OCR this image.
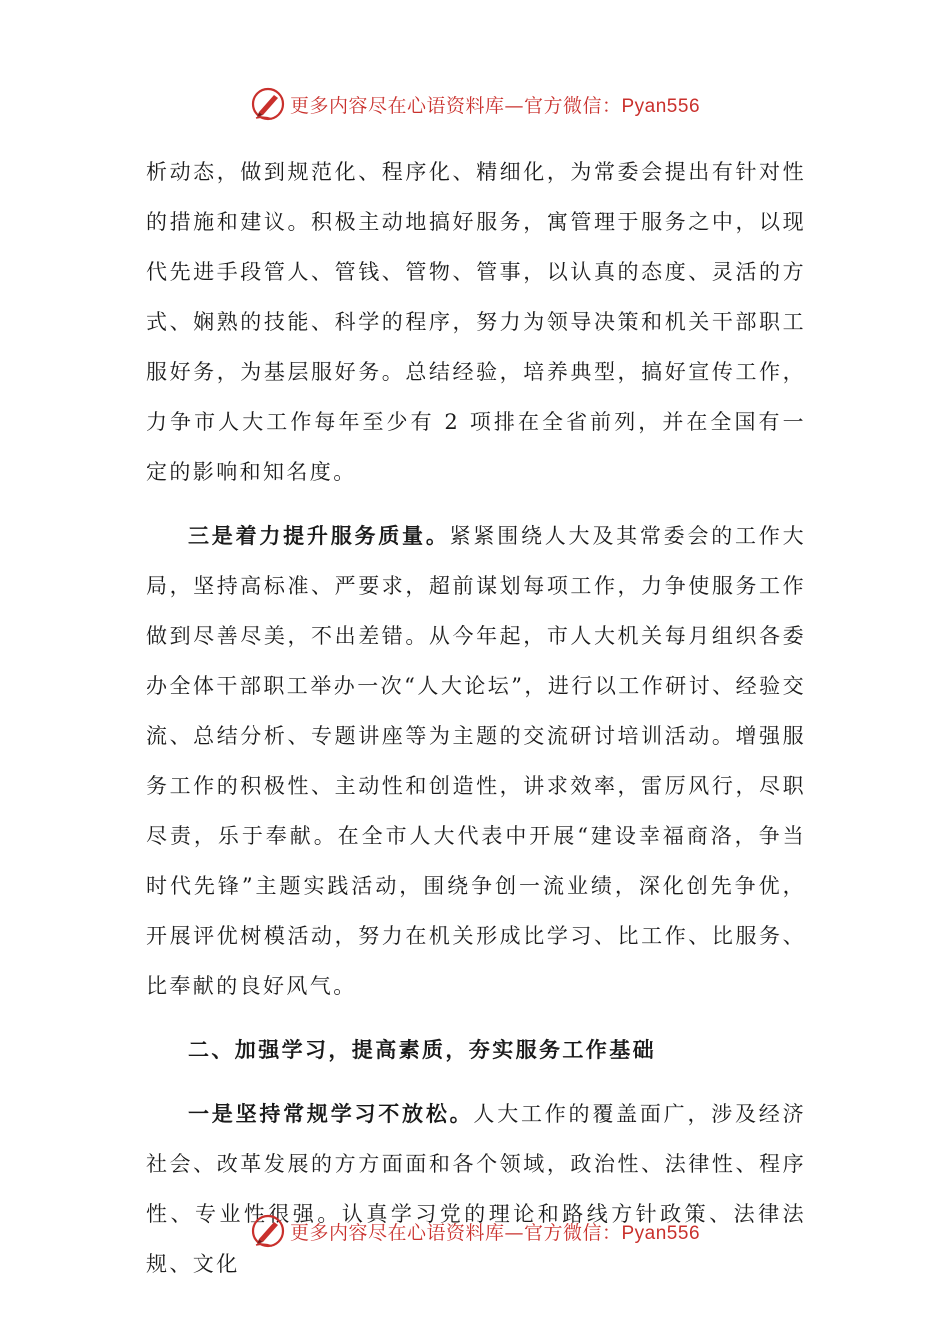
更多内容尽在心语资料库—官方微信：Pyan556

析动态，做到规范化、程序化、精细化，为常委会提出有针对性的措施和建议。积极主动地搞好服务，寓管理于服务之中，以现代先进手段管人、管钱、管物、管事，以认真的态度、灵活的方式、娴熟的技能、科学的程序，努力为领导决策和机关干部职工服好务，为基层服好务。总结经验，培养典型，搞好宣传工作，力争市人大工作每年至少有 2 项排在全省前列，并在全国有一定的影响和知名度。

三是着力提升服务质量。紧紧围绕人大及其常委会的工作大局，坚持高标准、严要求，超前谋划每项工作，力争使服务工作做到尽善尽美，不出差错。从今年起，市人大机关每月组织各委办全体干部职工举办一次“人大论坛”，进行以工作研讨、经验交流、总结分析、专题讲座等为主题的交流研讨培训活动。增强服务工作的积极性、主动性和创造性，讲求效率，雷厉风行，尽职尽责，乐于奉献。在全市人大代表中开展“建设幸福商洛，争当时代先锋”主题实践活动，围绕争创一流业绩，深化创先争优，开展评优树模活动，努力在机关形成比学习、比工作、比服务、比奉献的良好风气。

二、加强学习，提高素质，夯实服务工作基础

一是坚持常规学习不放松。人大工作的覆盖面广，涉及经济社会、改革发展的方方面面和各个领域，政治性、法律性、程序性、专业性很强。认真学习党的理论和路线方针政策、法律法规、文化

更多内容尽在心语资料库—官方微信：Pyan556
